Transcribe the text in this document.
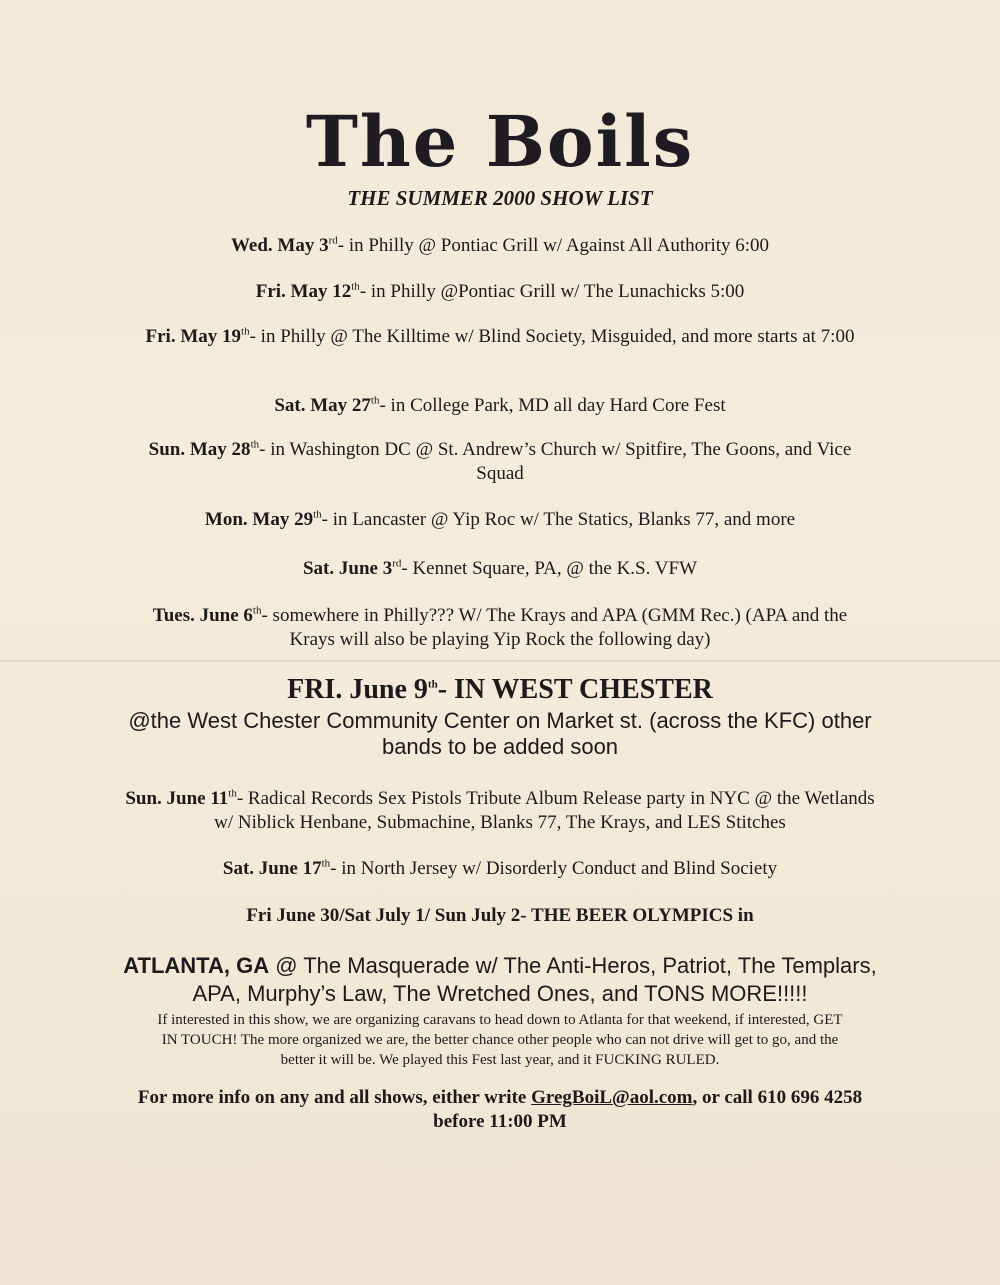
The Boils
THE SUMMER 2000 SHOW LIST
Wed. May 3rd- in Philly @ Pontiac Grill w/ Against All Authority 6:00
Fri. May 12th- in Philly @Pontiac Grill w/ The Lunachicks 5:00
Fri. May 19th- in Philly @ The Killtime w/ Blind Society, Misguided, and more starts at 7:00
Sat. May 27th- in College Park, MD all day Hard Core Fest
Sun. May 28th- in Washington DC @ St. Andrew’s Church w/ Spitfire, The Goons, and Vice Squad
Mon. May 29th- in Lancaster @ Yip Roc w/ The Statics, Blanks 77, and more
Sat. June 3rd- Kennet Square, PA, @ the K.S. VFW
Tues. June 6th- somewhere in Philly??? W/ The Krays and APA (GMM Rec.) (APA and the Krays will also be playing Yip Rock the following day)
FRI. June 9th- IN WEST CHESTER
@the West Chester Community Center on Market st. (across the KFC) other bands to be added soon
Sun. June 11th- Radical Records Sex Pistols Tribute Album Release party in NYC @ the Wetlands w/ Niblick Henbane, Submachine, Blanks 77, The Krays, and LES Stitches
Sat. June 17th- in North Jersey w/ Disorderly Conduct and Blind Society
Fri June 30/Sat July 1/ Sun July 2- THE BEER OLYMPICS in
ATLANTA, GA @ The Masquerade w/ The Anti-Heros, Patriot, The Templars, APA, Murphy’s Law, The Wretched Ones, and TONS MORE!!!!!
If interested in this show, we are organizing caravans to head down to Atlanta for that weekend, if interested, GET IN TOUCH! The more organized we are, the better chance other people who can not drive will get to go, and the better it will be. We played this Fest last year, and it FUCKING RULED.
For more info on any and all shows, either write GregBoiL@aol.com, or call 610 696 4258 before 11:00 PM
